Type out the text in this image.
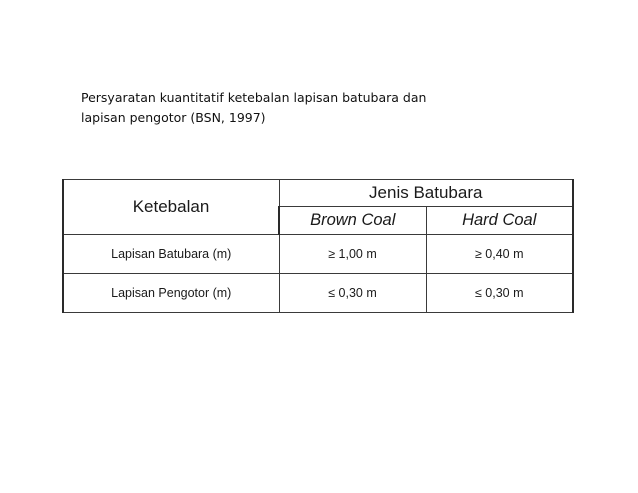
Persyaratan kuantitatif ketebalan lapisan batubara dan
lapisan pengotor (BSN, 1997)
Ketebalan	Jenis Batubara	
	Brown Coal	Hard Coal
Lapisan Batubara (m)	≥ 1,00 m	≥ 0,40 m
Lapisan Pengotor (m)	≤ 0,30 m	≤ 0,30 m
